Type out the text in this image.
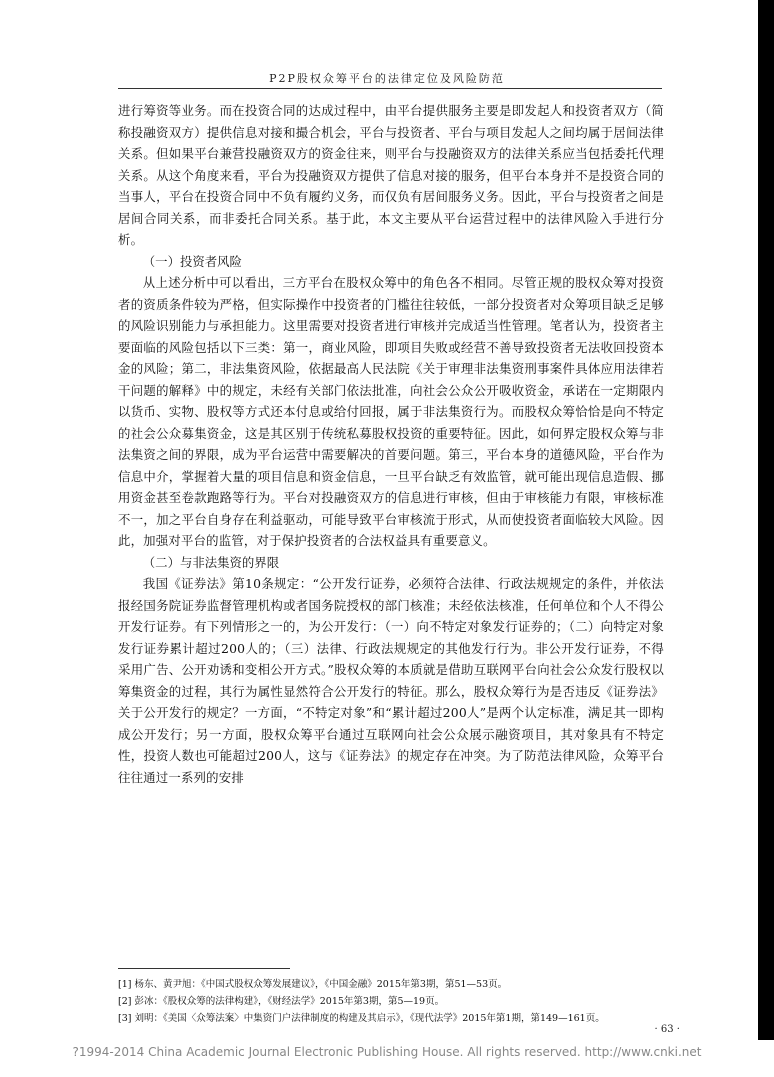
P2P股权众筹平台的法律定位及风险防范

进行筹资等业务。而在投资合同的达成过程中，由平台提供服务主要是即发起人和投资者双方（简称投融资双方）提供信息对接和撮合机会，平台与投资者、平台与项目发起人之间均属于居间法律关系。但如果平台兼营投融资双方的资金往来，则平台与投融资双方的法律关系应当包括委托代理关系。从这个角度来看，平台为投融资双方提供了信息对接的服务，但平台本身并不是投资合同的当事人，平台在投资合同中不负有履约义务，而仅负有居间服务义务。因此，平台与投资者之间是居间合同关系，而非委托合同关系。基于此，本文主要从平台运营过程中的法律风险入手进行分析。

（一）投资者风险

从上述分析中可以看出，三方平台在股权众筹中的角色各不相同。尽管正规的股权众筹对投资者的资质条件较为严格，但实际操作中投资者的门槛往往较低，一部分投资者对众筹项目缺乏足够的风险识别能力与承担能力。这里需要对投资者进行审核并完成适当性管理。笔者认为，投资者主要面临的风险包括以下三类：第一，商业风险，即项目失败或经营不善导致投资者无法收回投资本金的风险；第二，非法集资风险，依据最高人民法院《关于审理非法集资刑事案件具体应用法律若干问题的解释》中的规定，未经有关部门依法批准，向社会公众公开吸收资金，承诺在一定期限内以货币、实物、股权等方式还本付息或给付回报，属于非法集资行为。而股权众筹恰恰是向不特定的社会公众募集资金，这是其区别于传统私募股权投资的重要特征。因此，如何界定股权众筹与非法集资之间的界限，成为平台运营中需要解决的首要问题。第三，平台本身的道德风险，平台作为信息中介，掌握着大量的项目信息和资金信息，一旦平台缺乏有效监管，就可能出现信息造假、挪用资金甚至卷款跑路等行为。平台对投融资双方的信息进行审核，但由于审核能力有限，审核标准不一，加之平台自身存在利益驱动，可能导致平台审核流于形式，从而使投资者面临较大风险。因此，加强对平台的监管，对于保护投资者的合法权益具有重要意义。

（二）与非法集资的界限

我国《证券法》第10条规定：“公开发行证券，必须符合法律、行政法规规定的条件，并依法报经国务院证券监督管理机构或者国务院授权的部门核准；未经依法核准，任何单位和个人不得公开发行证券。有下列情形之一的，为公开发行：（一）向不特定对象发行证券的；（二）向特定对象发行证券累计超过200人的；（三）法律、行政法规规定的其他发行行为。非公开发行证券，不得采用广告、公开劝诱和变相公开方式。”股权众筹的本质就是借助互联网平台向社会公众发行股权以筹集资金的过程，其行为属性显然符合公开发行的特征。那么，股权众筹行为是否违反《证券法》关于公开发行的规定？一方面，“不特定对象”和“累计超过200人”是两个认定标准，满足其一即构成公开发行；另一方面，股权众筹平台通过互联网向社会公众展示融资项目，其对象具有不特定性，投资人数也可能超过200人，这与《证券法》的规定存在冲突。为了防范法律风险，众筹平台往往通过一系列的安排

[1] 杨东、黄尹旭：《中国式股权众筹发展建议》，《中国金融》2015年第3期，第51—53页。

[2] 彭冰：《股权众筹的法律构建》，《财经法学》2015年第3期，第5—19页。

[3] 刘明：《美国〈众筹法案〉中集资门户法律制度的构建及其启示》，《现代法学》2015年第1期，第149—161页。

· 63 ·
?1994-2014 China Academic Journal Electronic Publishing House. All rights reserved. http://www.cnki.net
